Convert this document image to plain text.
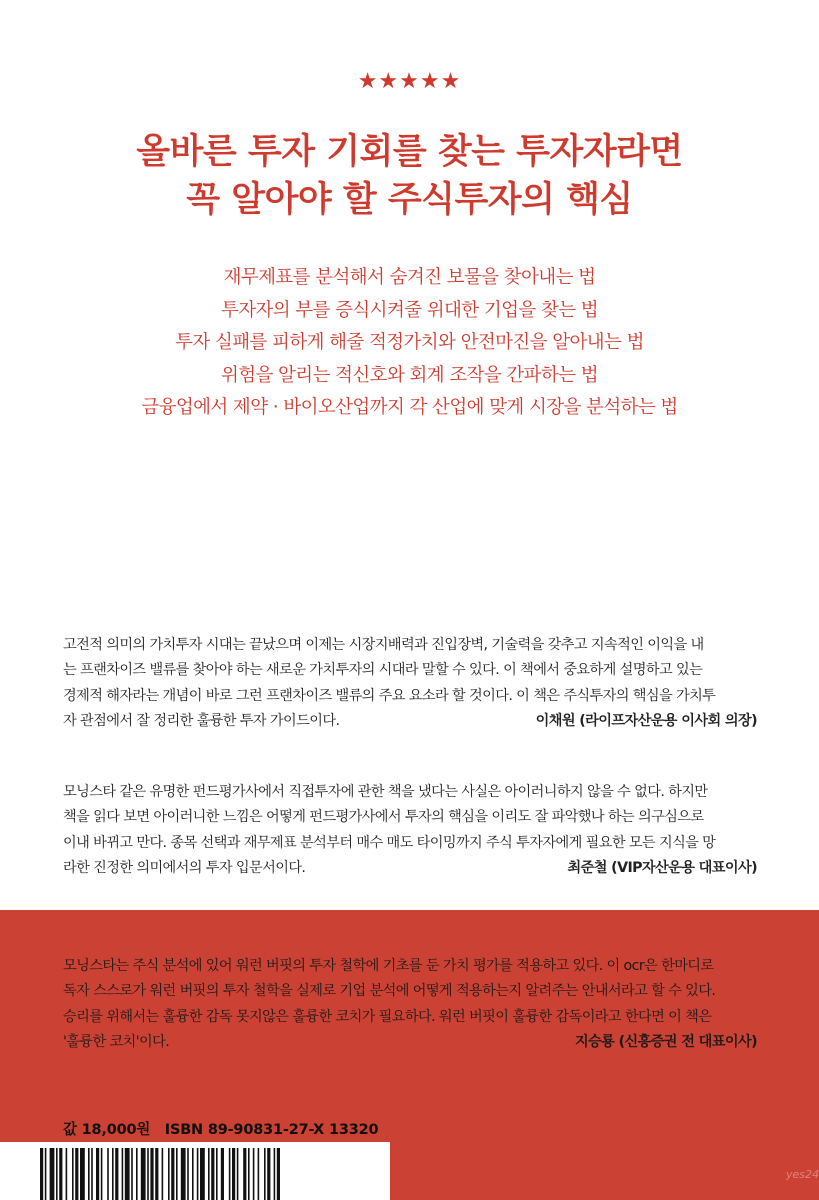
★★★★★
올바른 투자 기회를 찾는 투자자라면
꼭 알아야 할 주식투자의 핵심
재무제표를 분석해서 숨겨진 보물을 찾아내는 법
투자자의 부를 증식시켜줄 위대한 기업을 찾는 법
투자 실패를 피하게 해줄 적정가치와 안전마진을 알아내는 법
위험을 알리는 적신호와 회계 조작을 간파하는 법
금융업에서 제약 · 바이오산업까지 각 산업에 맞게 시장을 분석하는 법
고전적 의미의 가치투자 시대는 끝났으며 이제는 시장지배력과 진입장벽, 기술력을 갖추고 지속적인 이익을 내
는 프랜차이즈 밸류를 찾아야 하는 새로운 가치투자의 시대라 말할 수 있다. 이 책에서 중요하게 설명하고 있는
경제적 해자라는 개념이 바로 그런 프랜차이즈 밸류의 주요 요소라 할 것이다. 이 책은 주식투자의 핵심을 가치투
자 관점에서 잘 정리한 훌륭한 투자 가이드이다.	이채원 (라이프자산운용 이사회 의장)
모닝스타 같은 유명한 펀드평가사에서 직접투자에 관한 책을 냈다는 사실은 아이러니하지 않을 수 없다. 하지만
책을 읽다 보면 아이러니한 느낌은 어떻게 펀드평가사에서 투자의 핵심을 이리도 잘 파악했나 하는 의구심으로
이내 바뀌고 만다. 종목 선택과 재무제표 분석부터 매수 매도 타이밍까지 주식 투자자에게 필요한 모든 지식을 망
라한 진정한 의미에서의 투자 입문서이다.	최준철 (VIP자산운용 대표이사)
모닝스타는 주식 분석에 있어 워런 버핏의 투자 철학에 기초를 둔 가치 평가를 적용하고 있다. 이 ocr은 한마디로
독자 스스로가 워런 버핏의 투자 철학을 실제로 기업 분석에 어떻게 적용하는지 알려주는 안내서라고 할 수 있다.
승리를 위해서는 훌륭한 감독 못지않은 훌륭한 코치가 필요하다. 워런 버핏이 훌륭한 감독이라고 한다면 이 책은
'훌륭한 코치'이다.	지승룡 (신흥증권 전 대표이사)
값 18,000원 ISBN 89-90831-27-X 13320
yes24
